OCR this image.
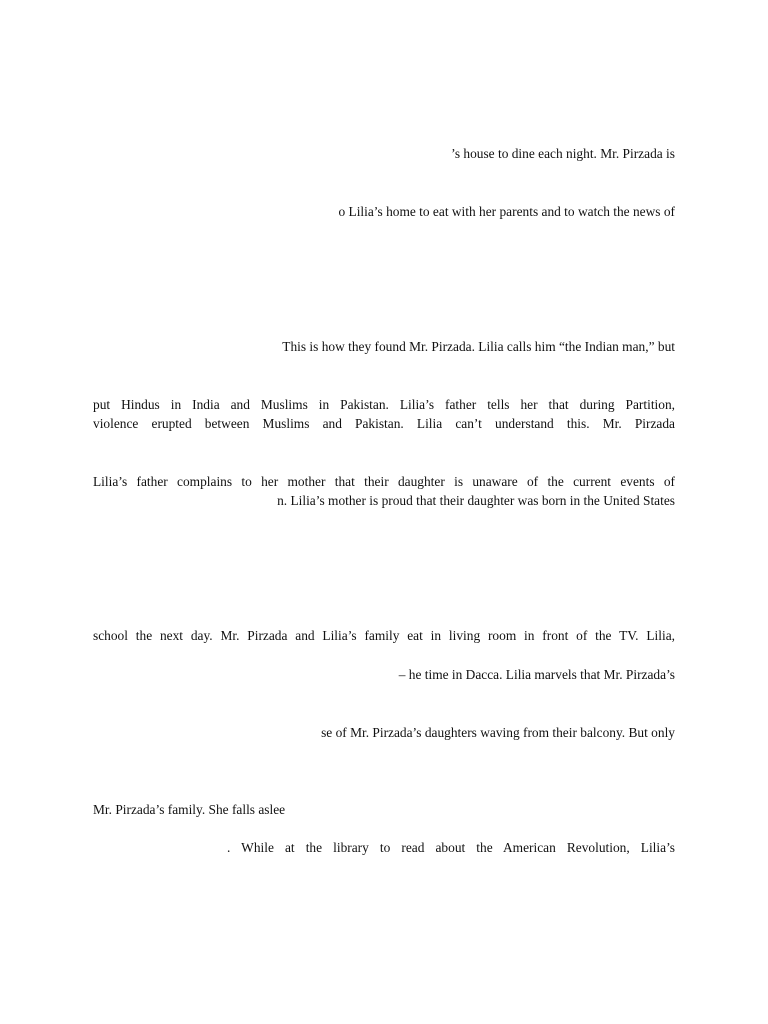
’s house to dine each night. Mr. Pirzada is
o Lilia’s home to eat with her parents and to watch the news of
This is how they found Mr. Pirzada. Lilia calls him “the Indian man,” but
put Hindus in India and Muslims in Pakistan. Lilia’s father tells her that during Partition,
violence erupted between Muslims and Pakistan. Lilia can’t understand this. Mr. Pirzada
Lilia’s father complains to her mother that their daughter is unaware of the current events of
n. Lilia’s mother is proud that their daughter was born in the United States
school the next day. Mr. Pirzada and Lilia’s family eat in living room in front of the TV. Lilia,
– he time in Dacca. Lilia marvels that Mr. Pirzada’s
se of Mr. Pirzada’s daughters waving from their balcony. But only
Mr. Pirzada’s family. She falls aslee
. While at the library to read about the American Revolution, Lilia’s
